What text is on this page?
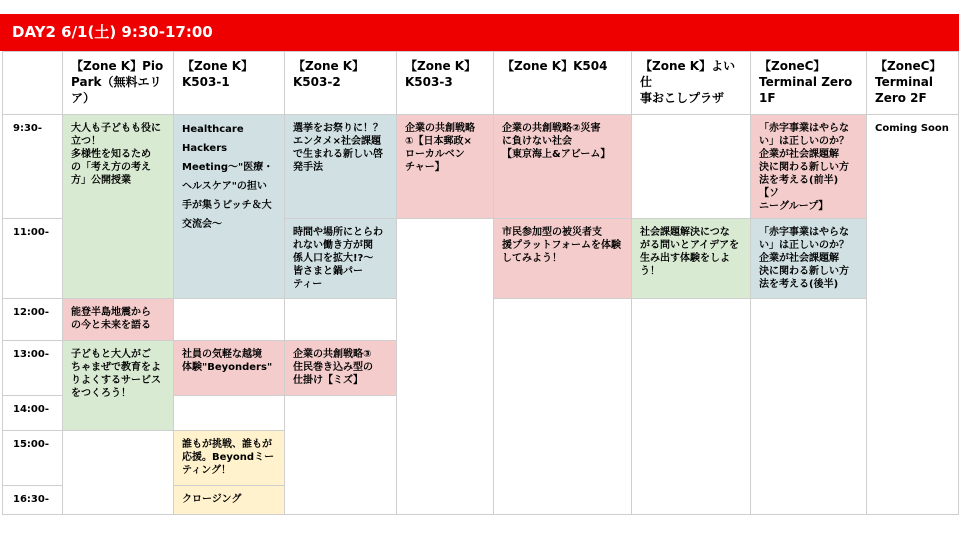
DAY2 6/1(土) 9:30-17:00
【Zone K】Pio
Park（無料エリ
ア）
【Zone K】
K503-1
【Zone K】
K503-2
【Zone K】
K503-3
【Zone K】K504	【Zone K】よい仕
事おこしプラザ
【ZoneC】
Terminal Zero
1F
【ZoneC】
Terminal
Zero 2F
9:30-
11:00-
12:00-
13:00-
14:00-
15:00-
16:30-
大人も子どもも役に
立つ！
多様性を知るため
の「考え方の考え
方」公開授業
能登半島地震から
の今と未来を語る
子どもと大人がご
ちゃまぜで教育をよ
りよくするサービス
をつくろう！
Healthcare
Hackers
Meeting〜"医療・
ヘルスケア"の担い
手が集うピッチ＆大
交流会〜
社員の気軽な越境
体験"Beyonders"
誰もが挑戦、誰もが
応援。Beyondミー
ティング！
クロージング
選挙をお祭りに！？
エンタメ×社会課題
で生まれる新しい啓
発手法
時間や場所にとらわ
れない働き方が関
係人口を拡大!?〜
皆さまと鍋パー
ティー
企業の共創戦略③
住民巻き込み型の
仕掛け【ミズ】
企業の共創戦略
①【日本郵政×
ローカルベン
チャー】
企業の共創戦略②災害
に負けない社会
【東京海上&アビーム】
市民参加型の被災者支
援プラットフォームを体験
してみよう！
社会課題解決につな
がる問いとアイデアを
生み出す体験をしよ
う！
「赤字事業はやらな
い」は正しいのか？
企業が社会課題解
決に関わる新しい方
法を考える(前半)【ソ
ニーグループ】
「赤字事業はやらな
い」は正しいのか？
企業が社会課題解
決に関わる新しい方
法を考える(後半)
Coming Soon
